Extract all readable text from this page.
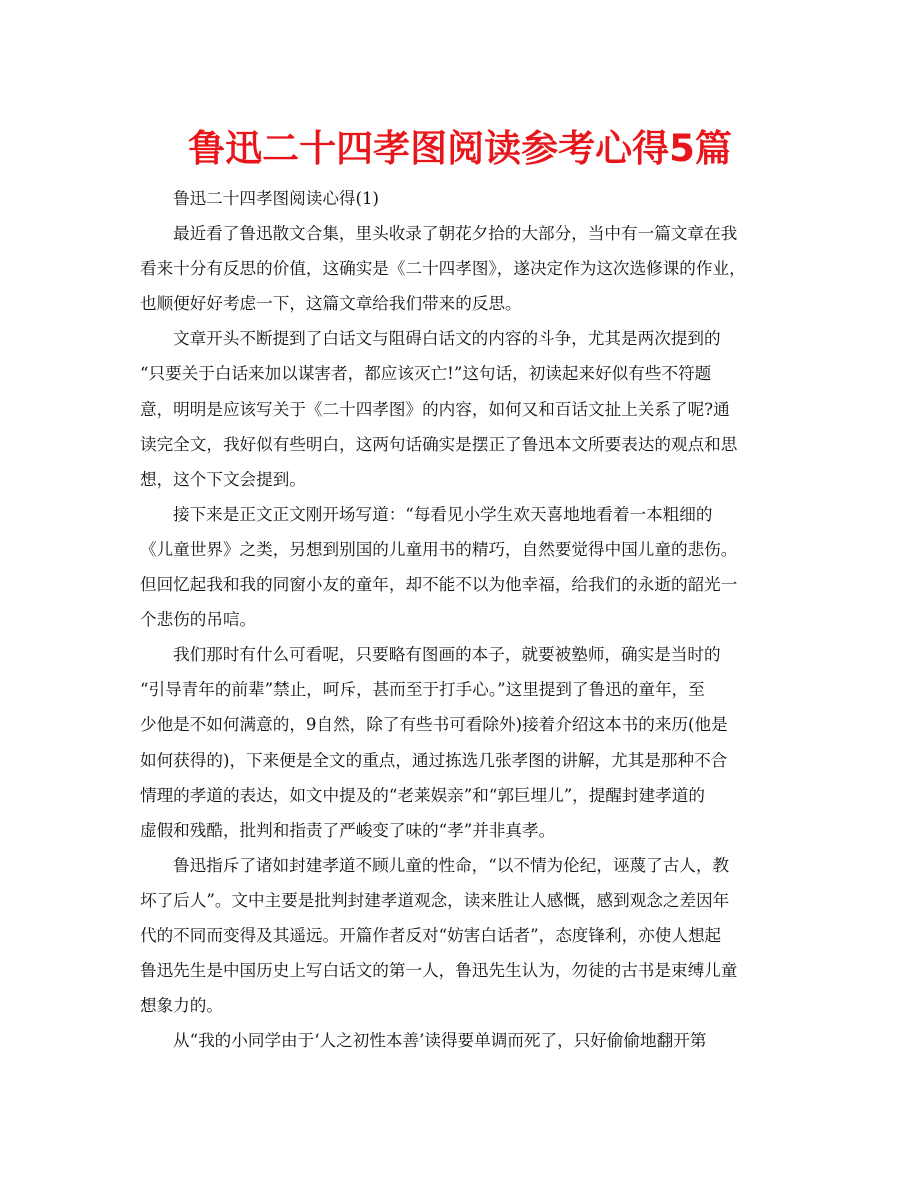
鲁迅二十四孝图阅读参考心得5篇
鲁迅二十四孝图阅读心得(1)
最近看了鲁迅散文合集，里头收录了朝花夕拾的大部分，当中有一篇文章在我
看来十分有反思的价值，这确实是《二十四孝图》，遂决定作为这次选修课的作业，
也顺便好好考虑一下，这篇文章给我们带来的反思。
文章开头不断提到了白话文与阻碍白话文的内容的斗争，尤其是两次提到的
“只要关于白话来加以谋害者，都应该灭亡!”这句话，初读起来好似有些不符题
意，明明是应该写关于《二十四孝图》的内容，如何又和百话文扯上关系了呢?通
读完全文，我好似有些明白，这两句话确实是摆正了鲁迅本文所要表达的观点和思
想，这个下文会提到。
接下来是正文正文刚开场写道：“每看见小学生欢天喜地地看着一本粗细的
《儿童世界》之类，另想到别国的儿童用书的精巧，自然要觉得中国儿童的悲伤。
但回忆起我和我的同窗小友的童年，却不能不以为他幸福，给我们的永逝的韶光一
个悲伤的吊唁。
我们那时有什么可看呢，只要略有图画的本子，就要被塾师，确实是当时的
“引导青年的前辈”禁止，呵斥，甚而至于打手心。”这里提到了鲁迅的童年，至
少他是不如何满意的，9自然，除了有些书可看除外)接着介绍这本书的来历(他是
如何获得的)，下来便是全文的重点，通过拣选几张孝图的讲解，尤其是那种不合
情理的孝道的表达，如文中提及的“老莱娱亲”和“郭巨埋儿”，提醒封建孝道的
虚假和残酷，批判和指责了严峻变了味的“孝”并非真孝。
鲁迅指斥了诸如封建孝道不顾儿童的性命，“以不情为伦纪，诬蔑了古人，教
坏了后人”。文中主要是批判封建孝道观念，读来胜让人感慨，感到观念之差因年
代的不同而变得及其遥远。开篇作者反对“妨害白话者”，态度锋利，亦使人想起
鲁迅先生是中国历史上写白话文的第一人，鲁迅先生认为，勿徒的古书是束缚儿童
想象力的。
从“我的小同学由于‘人之初性本善’读得要单调而死了，只好偷偷地翻开第
